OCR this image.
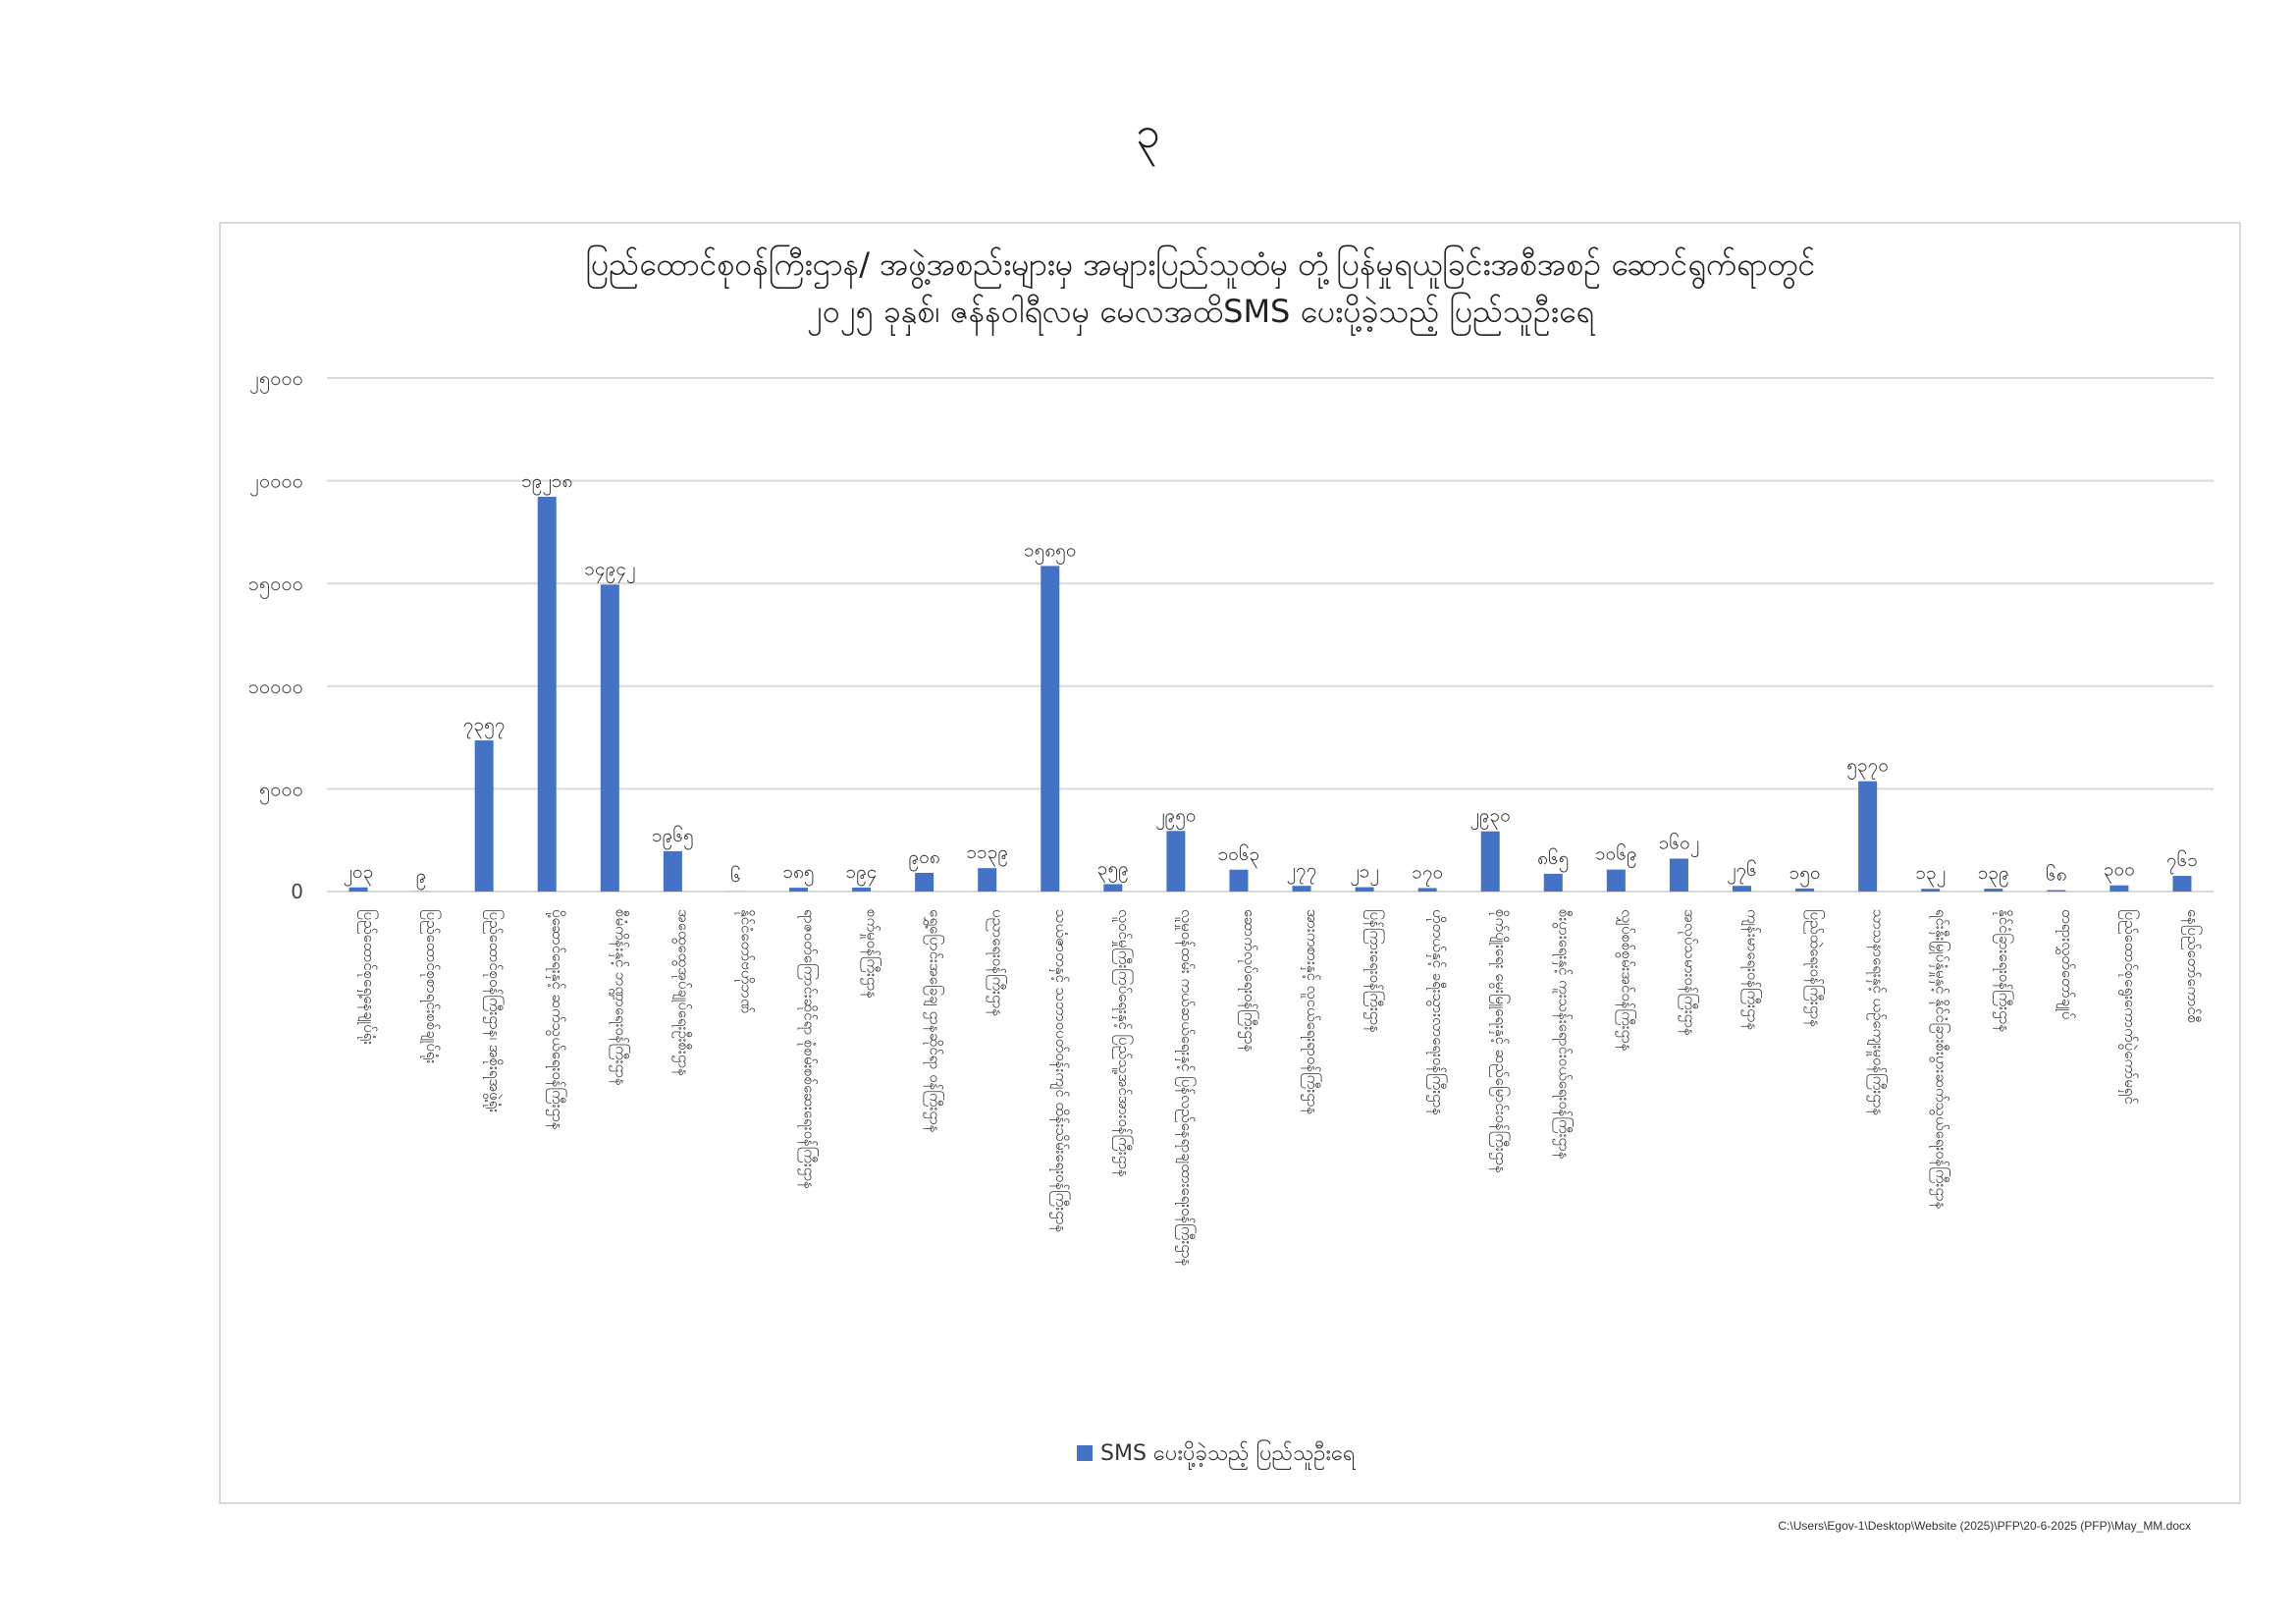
၃
ပြည်ထောင်စုဝန်ကြီးဌာန/ အဖွဲ့အစည်းများမှ အများပြည်သူထံမှ တုံ့ပြန်မှုရယူခြင်းအစီအစဉ် ဆောင်ရွက်ရာတွင်
၂၀၂၅ ခုနှစ်၊ ဇန်နဝါရီလမှ မေလအထိSMS ပေးပို့ခဲ့သည့် ပြည်သူဦးရေ
0
၅၀၀၀
၁၀၀၀၀
၁၅၀၀၀
၂၀၀၀၀
၂၅၀၀၀
၂၀၃ ၉
၇၃၅၇
၁၉၂၁၈
၁၄၉၄၂
၁၉၆၅
၆ ၁၈၅ ၁၉၄
၉၀၈ ၁၁၃၉
၁၅၈၅၀
၃၅၉
၂၉၅၀
၁၀၆၃
၂၇၇ ၂၁၂ ၁၇၀
၂၉၃၀
၈၆၅ ၁၀၆၉
၁၆၀၂
၂၇၆ ၁၅၀
၅၃၇၀
၁၃၂ ၁၃၉ ၆၈ ၃၀၀ ၇၆၁
ပြည်ထောင်စုရှေ့နေချုပ်ရုံး	ပြည်ထောင်စုစာရင်းစစ်ချုပ်ရုံး	ပြည်ထောင်စုဝန်ကြီးဌာန၊ အစိုးရအဖွဲ့ရုံး	ပို့ဆောင်ရေးနှင့် ဆက်သွယ်ရေးဝန်ကြီးဌာန	စီမံကိန်းနှင့် ဘဏ္ဍာရေးဝန်ကြီးဌာန	အထွေထွေအုပ်ချုပ်ရေးဦးစီးဌာန	နိုင်ငံတော်ဗဟိုဘဏ်	ရာဇဝတ်ကြောင်းဆိုင်ရာ စုံစမ်းစစ်ဆေးရေးဝန်ကြီးဌာန	စက်မှုဝန်ကြီးဌာန	ရွှေ့ပြောင်းအခြေချ ဌာနဆိုင်ရာ ဝန်ကြီးဌာန	ပညာရေးဝန်ကြီးဌာန	သယံဇာတနှင့် သဘာဝပတ်ဝန်းကျင် ထိန်းသိမ်းရေးဝန်ကြီးဌာန	လူဝင်မှုကြီးကြပ်ရေးနှင့် ပြည်သူ့အင်အားဝန်ကြီးဌာန	လူမှုဝန်ထမ်း ကယ်ဆယ်ရေးနှင့် ပြန်လည်နေရာချထားရေးဝန်ကြီးဌာန	ဆောက်လုပ်ရေးဝန်ကြီးဌာန	အားကစားနှင့် လူငယ်ရေးရာဝန်ကြီးဌာန	ပြန်ကြားရေးဝန်ကြီးဌာန	ဟိုတယ်နှင့် ခရီးသွားလာရေးဝန်ကြီးဌာန	စိုက်ပျိုးရေး မွေးမြူရေးနှင့် ဆည်မြောင်းဝန်ကြီးဌာန	စီးပွားရေးနှင့် ကူးသန်းရောင်းဝယ်ရေးဝန်ကြီးဌာန	လျှပ်စစ်စွမ်းအင်ဝန်ကြီးဌာန	အလုပ်သမားဝန်ကြီးဌာန	ကျန်းမာရေးဝန်ကြီးဌာန	ပြည်ထဲရေးဝန်ကြီးဌာန	သာသနာရေးနှင့် ယဉ်ကျေးမှုဝန်ကြီးဌာန	ရင်းနှီးမြှုပ်နှံမှုနှင့် နိုင်ငံခြားစီးပွားဆက်သွယ်ရေးဝန်ကြီးဌာန	နိုင်ငံခြားရေးဝန်ကြီးဌာန	တရားလွှတ်တော်ချုပ်	ပြည်ထောင်စုရွေးကောက်ပွဲကော်မရှင်	နေပြည်တော်ကောင်စီ
SMS ပေးပို့ခဲ့သည့် ပြည်သူဦးရေ
C:\Users\Egov-1\Desktop\Website (2025)\PFP\20-6-2025 (PFP)\May_MM.docx
